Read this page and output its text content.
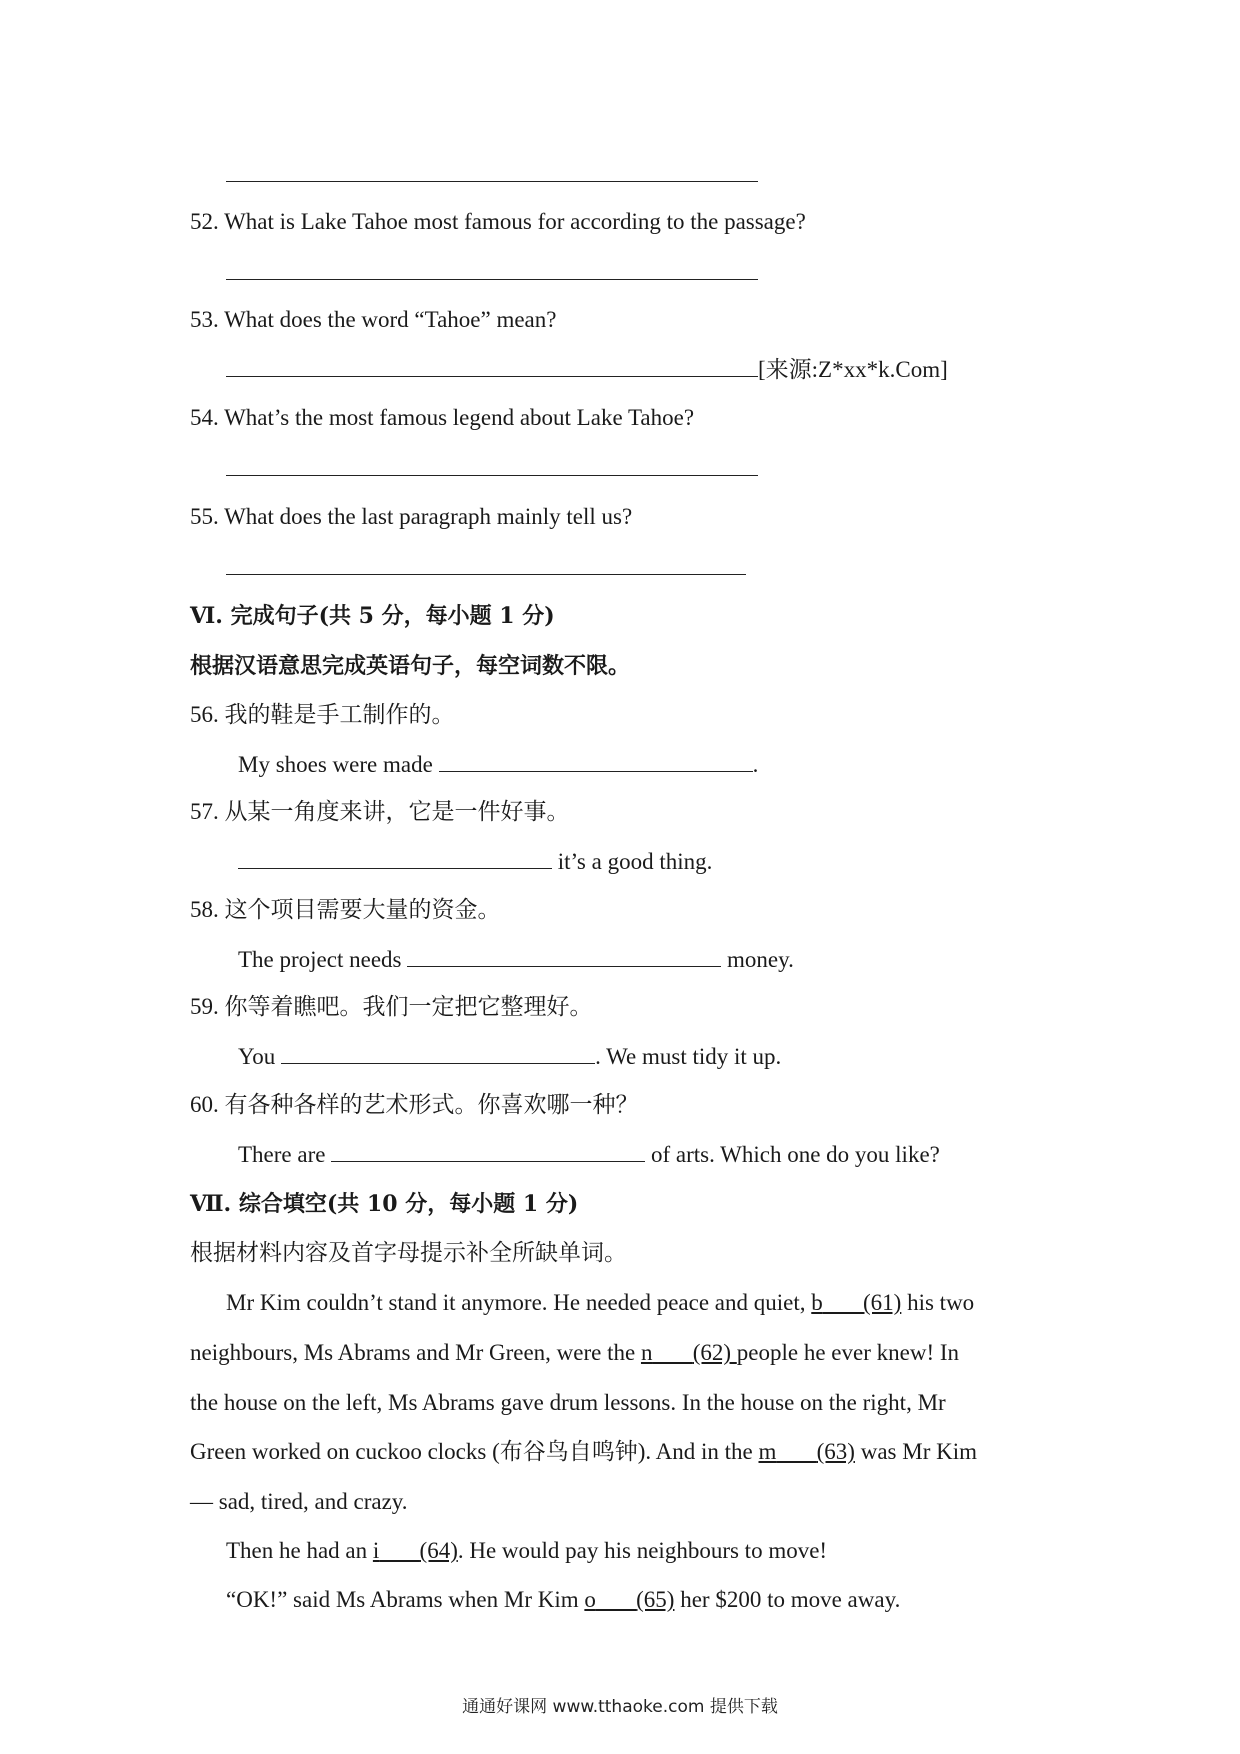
52. What is Lake Tahoe most famous for according to the passage?
53. What does the word “Tahoe” mean?
[来源:Z*xx*k.Com]
54. What’s the most famous legend about Lake Tahoe?
55. What does the last paragraph mainly tell us?
Ⅵ. 完成句子(共 5 分，每小题 1 分)
根据汉语意思完成英语句子，每空词数不限。
56. 我的鞋是手工制作的。
My shoes were made	.
57. 从某一角度来讲，它是一件好事。
it’s a good thing.
58. 这个项目需要大量的资金。
The project needs	money.
59. 你等着瞧吧。我们一定把它整理好。
You	. We must tidy it up.
60. 有各种各样的艺术形式。你喜欢哪一种？
There are	of arts. Which one do you like?
Ⅶ. 综合填空(共 10 分，每小题 1 分)
根据材料内容及首字母提示补全所缺单词。
Mr Kim couldn’t stand it anymore. He needed peace and quiet, b (61) his two
neighbours, Ms Abrams and Mr Green, were the n (62) people he ever knew! In
the house on the left, Ms Abrams gave drum lessons. In the house on the right, Mr
Green worked on cuckoo clocks (布谷鸟自鸣钟). And in the m (63) was Mr Kim
— sad, tired, and crazy.
Then he had an i (64). He would pay his neighbours to move!
“OK!” said Ms Abrams when Mr Kim o (65) her $200 to move away.
通通好课网 www.tthaoke.com 提供下载
